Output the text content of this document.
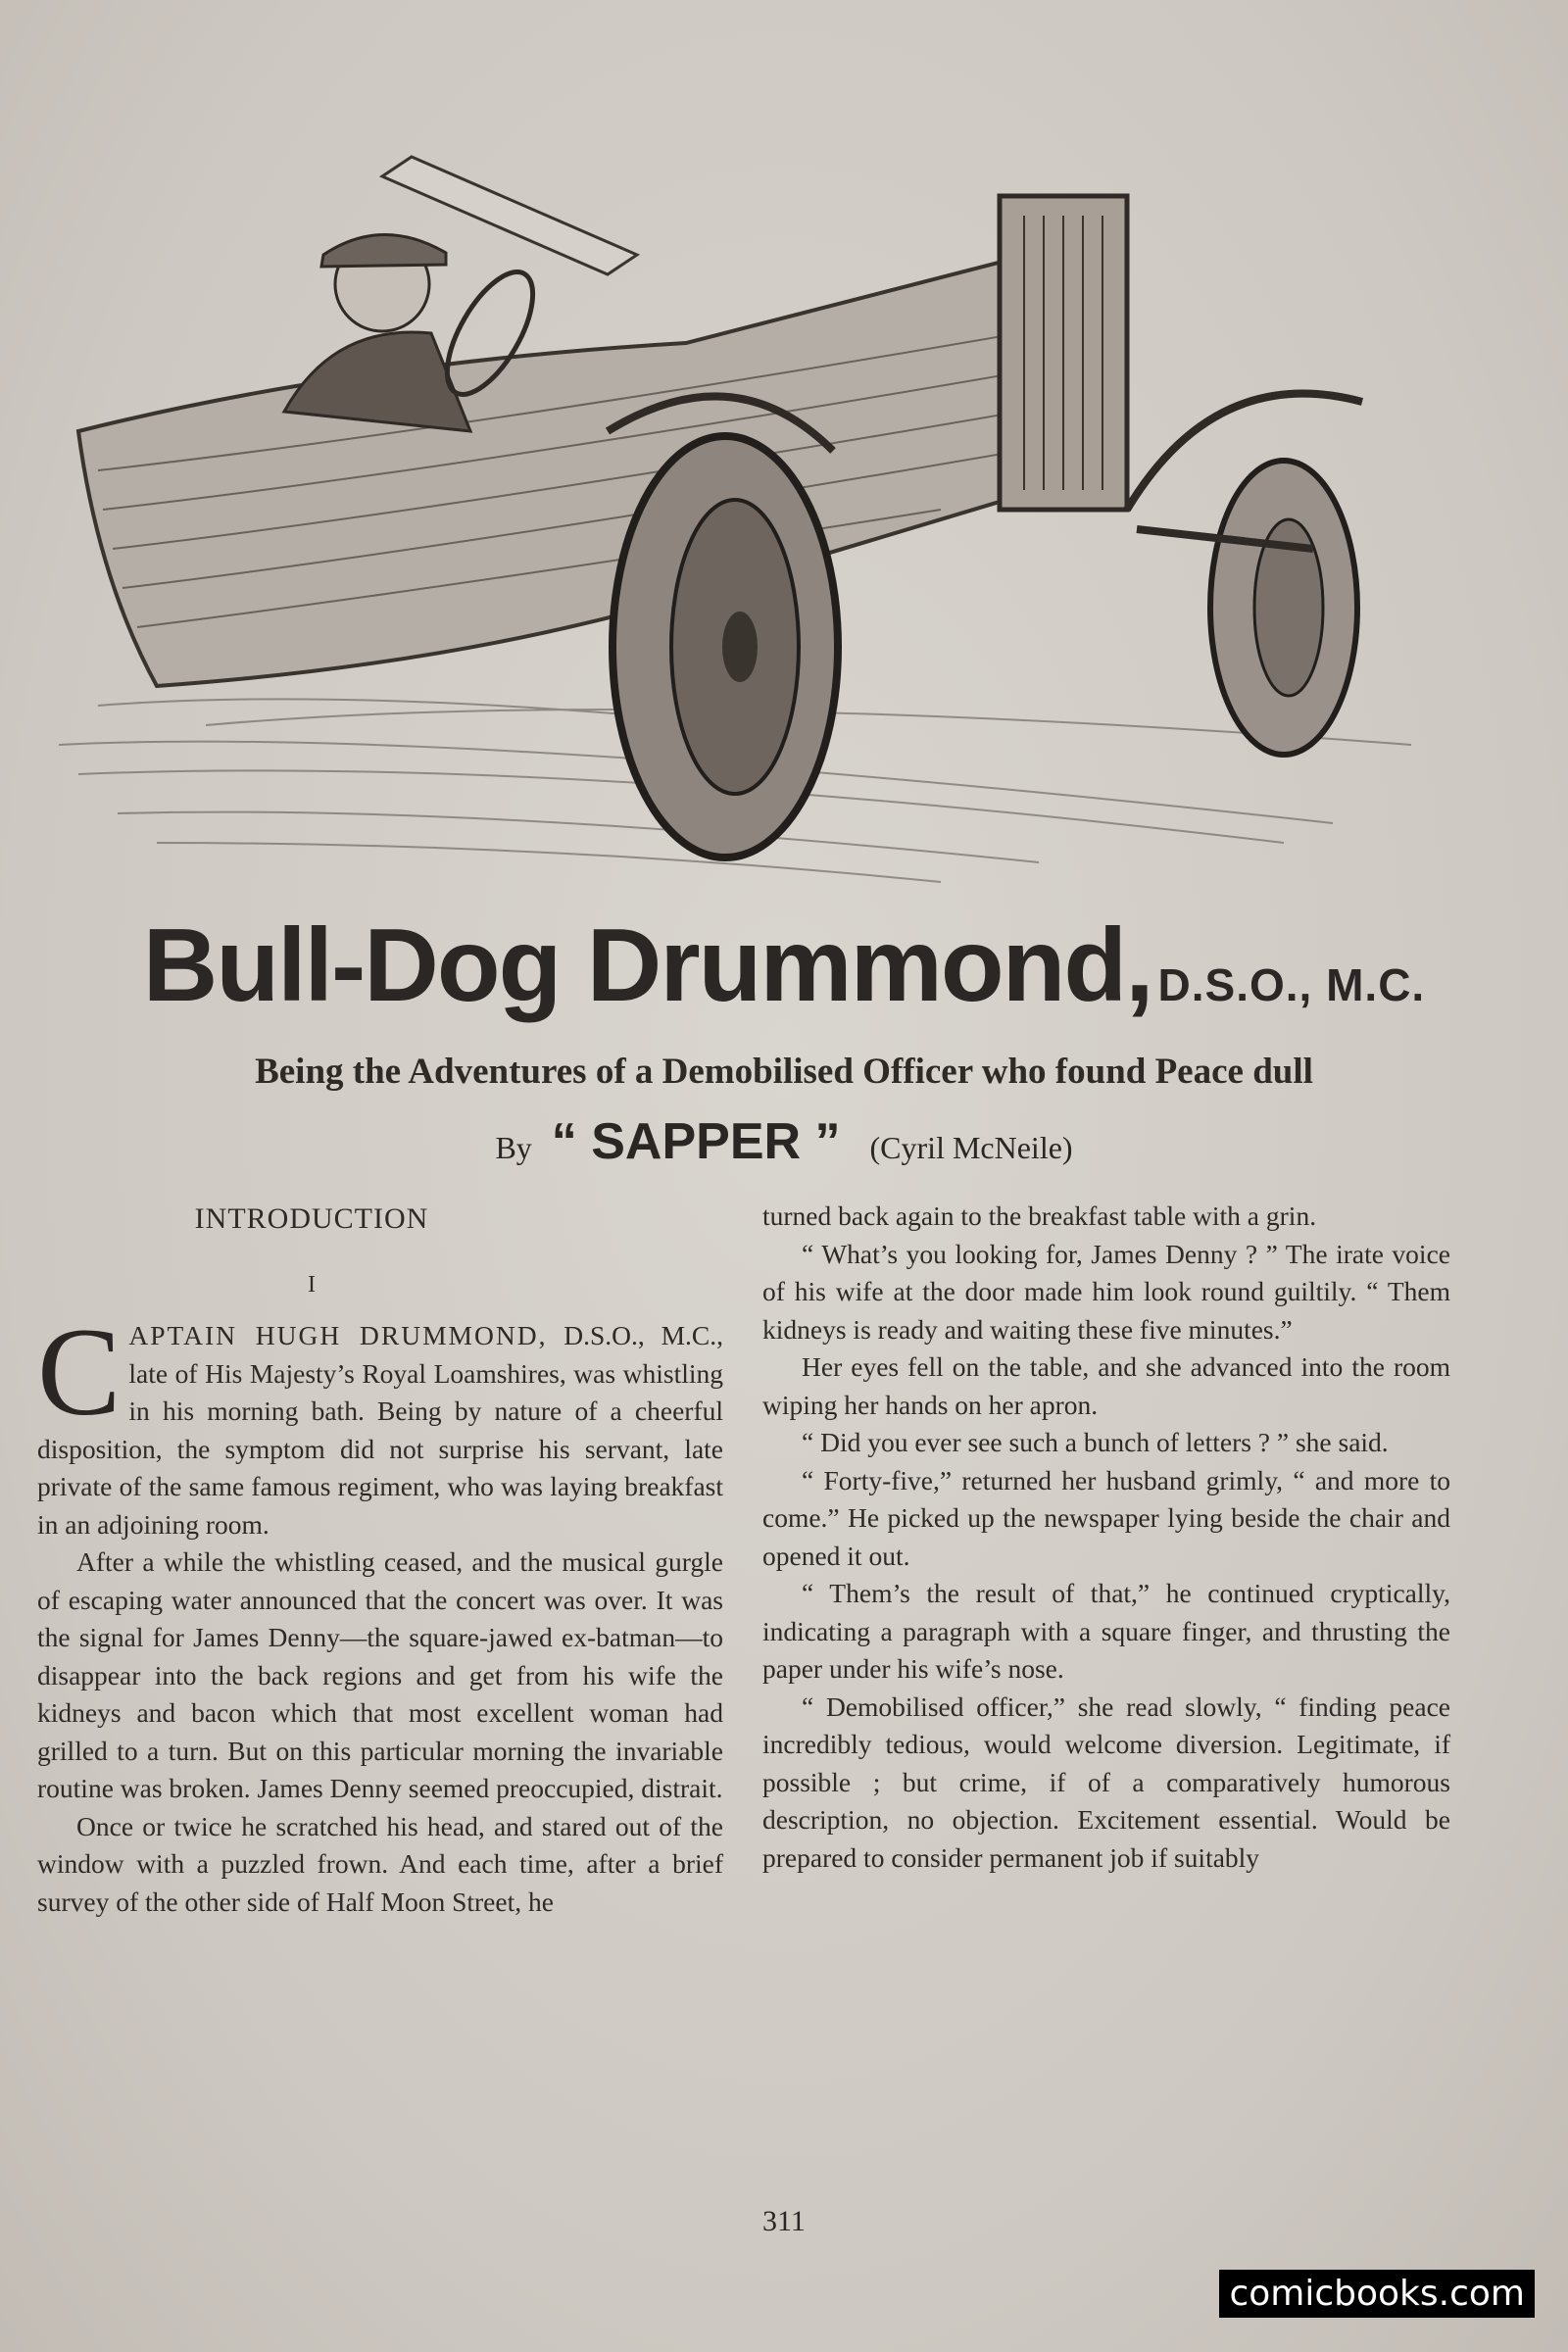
Bull-Dog Drummond, D.S.O., M.C.
Being the Adventures of a Demobilised Officer who found Peace dull
By “ SAPPER ” (Cyril McNeile)
INTRODUCTION
I

CAPTAIN HUGH DRUMMOND, D.S.O., M.C., late of His Majesty’s Royal Loamshires, was whistling in his morning bath. Being by nature of a cheerful disposition, the symptom did not surprise his servant, late private of the same famous regiment, who was laying breakfast in an adjoining room.

After a while the whistling ceased, and the musical gurgle of escaping water announced that the concert was over. It was the signal for James Denny—the square-jawed ex-batman—to disappear into the back regions and get from his wife the kidneys and bacon which that most excellent woman had grilled to a turn. But on this particular morning the invariable routine was broken. James Denny seemed preoccupied, distrait.

Once or twice he scratched his head, and stared out of the window with a puzzled frown. And each time, after a brief survey of the other side of Half Moon Street, he

turned back again to the breakfast table with a grin.

“ What’s you looking for, James Denny ? ” The irate voice of his wife at the door made him look round guiltily. “ Them kidneys is ready and waiting these five minutes.”

Her eyes fell on the table, and she advanced into the room wiping her hands on her apron.

“ Did you ever see such a bunch of letters ? ” she said.

“ Forty-five,” returned her husband grimly, “ and more to come.” He picked up the newspaper lying beside the chair and opened it out.

“ Them’s the result of that,” he continued cryptically, indicating a paragraph with a square finger, and thrusting the paper under his wife’s nose.

“ Demobilised officer,” she read slowly, “ finding peace incredibly tedious, would welcome diversion. Legitimate, if possible ; but crime, if of a comparatively humorous description, no objection. Excitement essential. Would be prepared to consider permanent job if suitably

311
comicbooks.com
